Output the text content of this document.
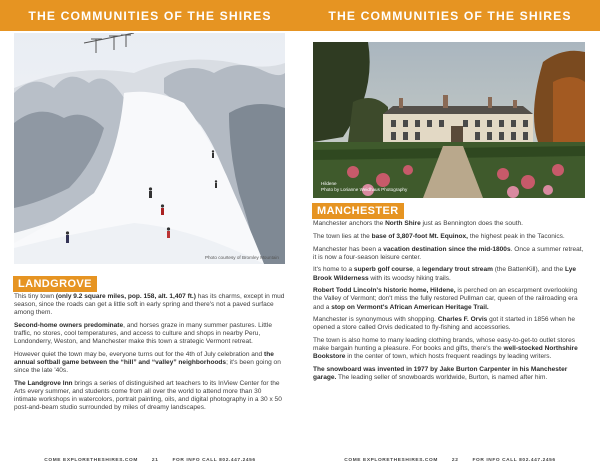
THE COMMUNITIES OF THE SHIRES
Photo courtesy of Bromley Mountain
LANDGROVE

This tiny town (only 9.2 square miles, pop. 158, alt. 1,407 ft.) has its charms, except in mud season, since the roads can get a little soft in early spring and there's not a paved surface among them.

Second-home owners predominate, and horses graze in many summer pastures. Little traffic, no stores, cool temperatures, and access to culture and shops in nearby Peru, Londonderry, Weston, and Manchester make this town a strategic Vermont retreat.

However quiet the town may be, everyone turns out for the 4th of July celebration and the annual softball game between the “hill” and “valley” neighborhoods; it's been going on since the late '40s.

The Landgrove Inn brings a series of distinguished art teachers to its InView Center for the Arts every summer, and students come from all over the world to attend more than 30 intimate workshops in watercolors, portrait painting, oils, and digital photography in a 30 x 50 post-and-beam studio surrounded by miles of dreamy landscapes.

COME EXPLORETHESHIRES.COM	21	FOR INFO CALL 802.447.2456
THE COMMUNITIES OF THE SHIRES
Hildene
Photo by Lorianne Weidhaus Photography
MANCHESTER

Manchester anchors the North Shire just as Bennington does the south.

The town lies at the base of 3,807-foot Mt. Equinox, the highest peak in the Taconics.

Manchester has been a vacation destination since the mid-1800s. Once a summer retreat, it is now a four-season leisure center.

It's home to a superb golf course, a legendary trout stream (the BattenKill), and the Lye Brook Wilderness with its woodsy hiking trails.

Robert Todd Lincoln's historic home, Hildene, is perched on an escarpment overlooking the Valley of Vermont; don't miss the fully restored Pullman car, queen of the railroading era and a stop on Vermont's African American Heritage Trail.

Manchester is synonymous with shopping. Charles F. Orvis got it started in 1856 when he opened a store called Orvis dedicated to fly-fishing and accessories.

The town is also home to many leading clothing brands, whose easy-to-get-to outlet stores make bargain hunting a pleasure. For books and gifts, there's the well-stocked Northshire Bookstore in the center of town, which hosts frequent readings by leading writers.

The snowboard was invented in 1977 by Jake Burton Carpenter in his Manchester garage. The leading seller of snowboards worldwide, Burton, is named after him.

COME EXPLORETHESHIRES.COM	22	FOR INFO CALL 802.447.2456
